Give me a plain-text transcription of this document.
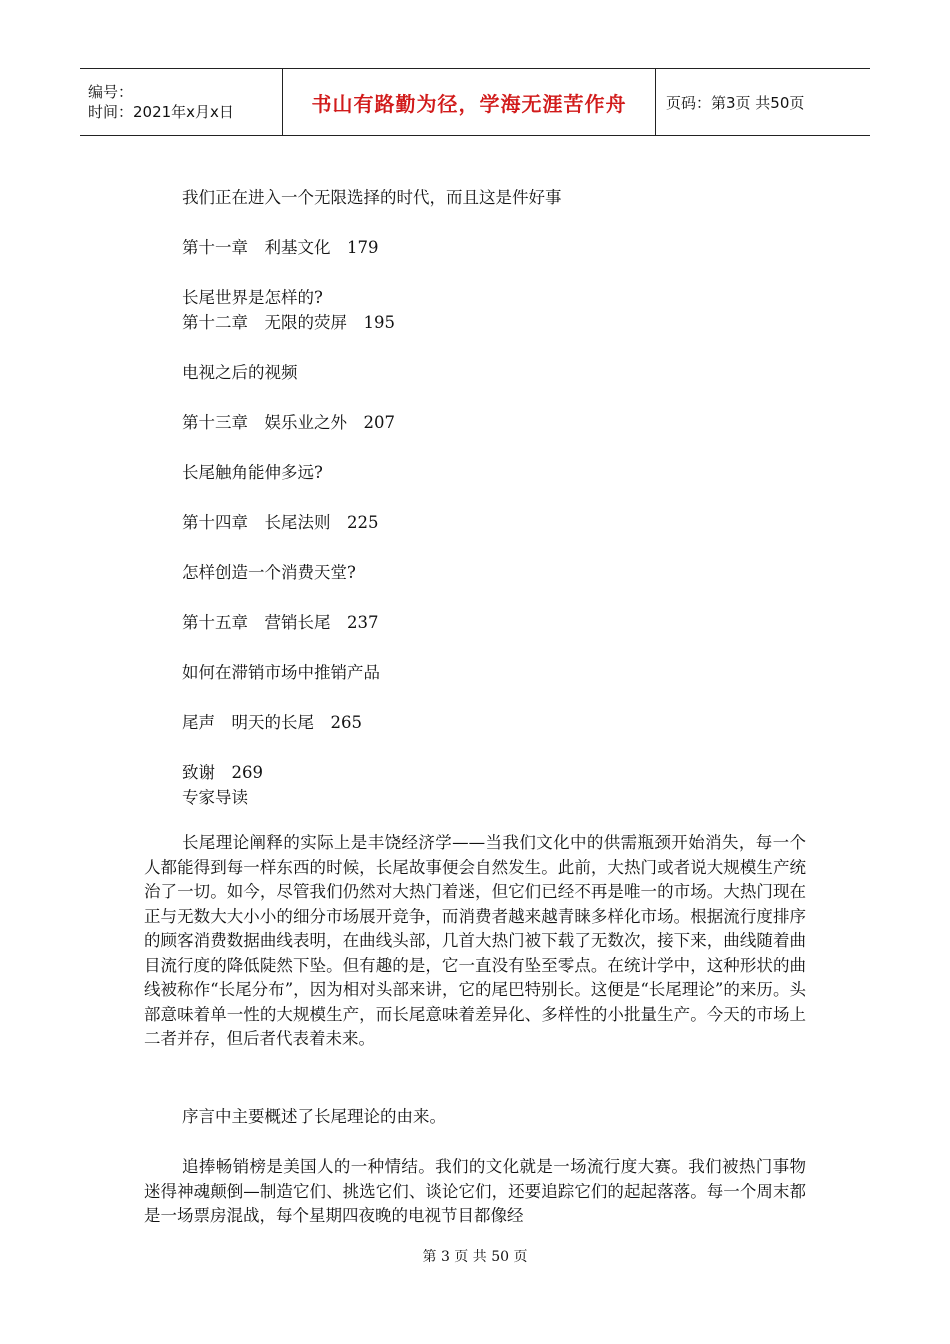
编号：
时间：2021年x月x日	书山有路勤为径，学海无涯苦作舟	页码：第3页 共50页
我们正在进入一个无限选择的时代，而且这是件好事
第十一章　利基文化　179
长尾世界是怎样的?
第十二章　无限的荧屏　195
电视之后的视频
第十三章　娱乐业之外　207
长尾触角能伸多远?
第十四章　长尾法则　225
怎样创造一个消费天堂?
第十五章　营销长尾　237
如何在滞销市场中推销产品
尾声　明天的长尾　265
致谢　269
专家导读

长尾理论阐释的实际上是丰饶经济学——当我们文化中的供需瓶颈开始消失，每一个人都能得到每一样东西的时候，长尾故事便会自然发生。此前，大热门或者说大规模生产统治了一切。如今，尽管我们仍然对大热门着迷，但它们已经不再是唯一的市场。大热门现在正与无数大大小小的细分市场展开竞争，而消费者越来越青睐多样化市场。根据流行度排序的顾客消费数据曲线表明，在曲线头部，几首大热门被下载了无数次，接下来，曲线随着曲目流行度的降低陡然下坠。但有趣的是，它一直没有坠至零点。在统计学中，这种形状的曲线被称作“长尾分布”，因为相对头部来讲，它的尾巴特别长。这便是“长尾理论”的来历。头部意味着单一性的大规模生产，而长尾意味着差异化、多样性的小批量生产。今天的市场上二者并存，但后者代表着未来。

序言中主要概述了长尾理论的由来。

追捧畅销榜是美国人的一种情结。我们的文化就是一场流行度大赛。我们被热门事物迷得神魂颠倒—制造它们、挑选它们、谈论它们，还要追踪它们的起起落落。每一个周末都是一场票房混战，每个星期四夜晚的电视节目都像经

第 3 页 共 50 页
